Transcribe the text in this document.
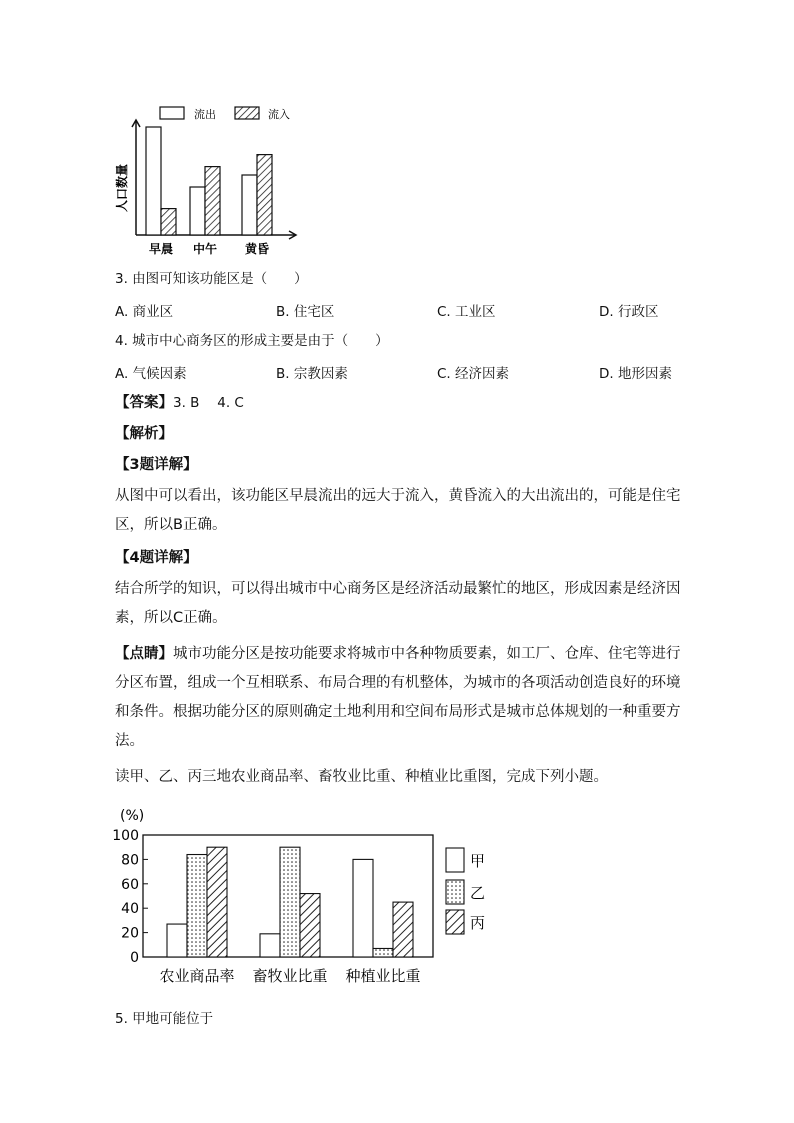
早晨 中午 黄昏
人口数量
流出	流入
(%)
0
20
40
60
80
100
农业商品率 畜牧业比重 种植业比重
甲
乙
丙
3. 由图可知该功能区是（　　）
A. 商业区	B. 住宅区	C. 工业区	D. 行政区
4. 城市中心商务区的形成主要是由于（　　）
A. 气候因素	B. 宗教因素	C. 经济因素	D. 地形因素
【答案】3. B　 4. C
【解析】
【3题详解】
从图中可以看出，该功能区早晨流出的远大于流入，黄昏流入的大出流出的，可能是住宅区，所以B正确。
【4题详解】
结合所学的知识，可以得出城市中心商务区是经济活动最繁忙的地区，形成因素是经济因素，所以C正确。
【点睛】城市功能分区是按功能要求将城市中各种物质要素，如工厂、仓库、住宅等进行分区布置，组成一个互相联系、布局合理的有机整体，为城市的各项活动创造良好的环境和条件。根据功能分区的原则确定土地利用和空间布局形式是城市总体规划的一种重要方法。
读甲、乙、丙三地农业商品率、畜牧业比重、种植业比重图，完成下列小题。
5. 甲地可能位于
